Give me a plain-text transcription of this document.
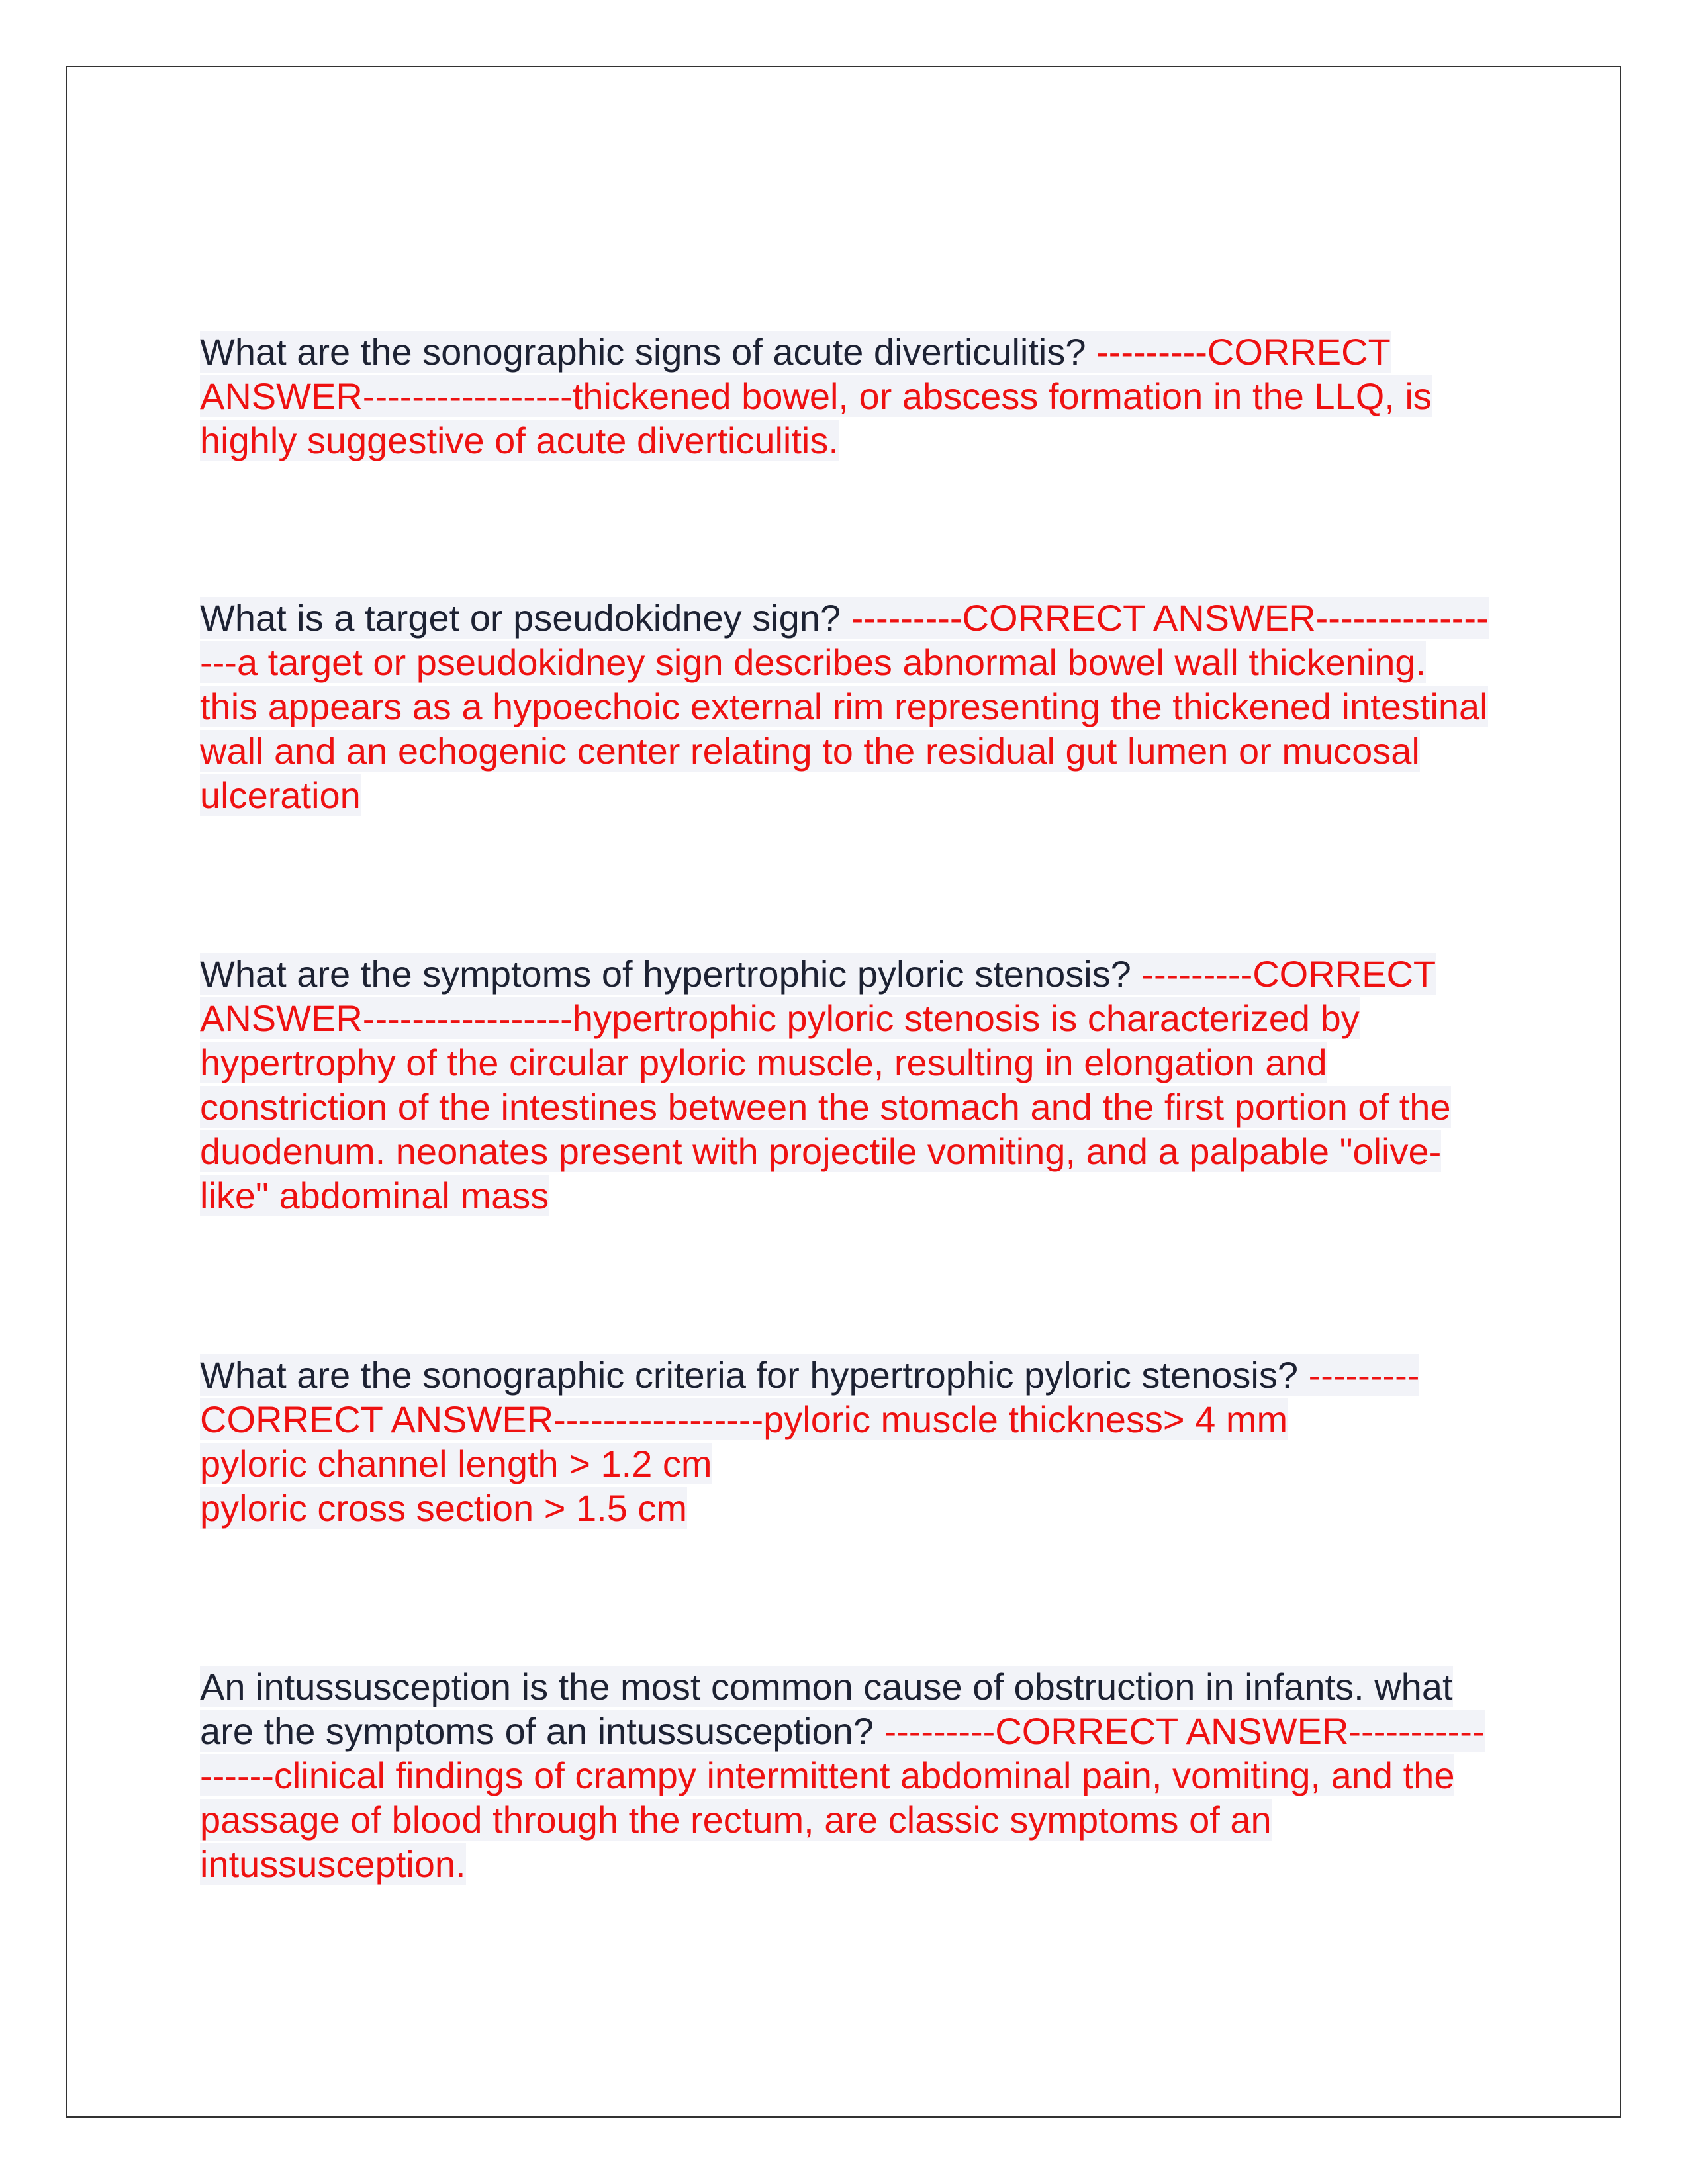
What are the sonographic signs of acute diverticulitis? ---------CORRECT ANSWER-----------------thickened bowel, or abscess formation in the LLQ, is highly suggestive of acute diverticulitis.

What is a target or pseudokidney sign? ---------CORRECT ANSWER-----------------a target or pseudokidney sign describes abnormal bowel wall thickening. this appears as a hypoechoic external rim representing the thickened intestinal wall and an echogenic center relating to the residual gut lumen or mucosal ulceration

What are the symptoms of hypertrophic pyloric stenosis? ---------CORRECT ANSWER-----------------hypertrophic pyloric stenosis is characterized by hypertrophy of the circular pyloric muscle, resulting in elongation and constriction of the intestines between the stomach and the first portion of the duodenum. neonates present with projectile vomiting, and a palpable "olive-like" abdominal mass

What are the sonographic criteria for hypertrophic pyloric stenosis? ---------CORRECT ANSWER-----------------pyloric muscle thickness> 4 mm
pyloric channel length > 1.2 cm
pyloric cross section > 1.5 cm

An intussusception is the most common cause of obstruction in infants. what are the symptoms of an intussusception? ---------CORRECT ANSWER-----------------clinical findings of crampy intermittent abdominal pain, vomiting, and the passage of blood through the rectum, are classic symptoms of an intussusception.
